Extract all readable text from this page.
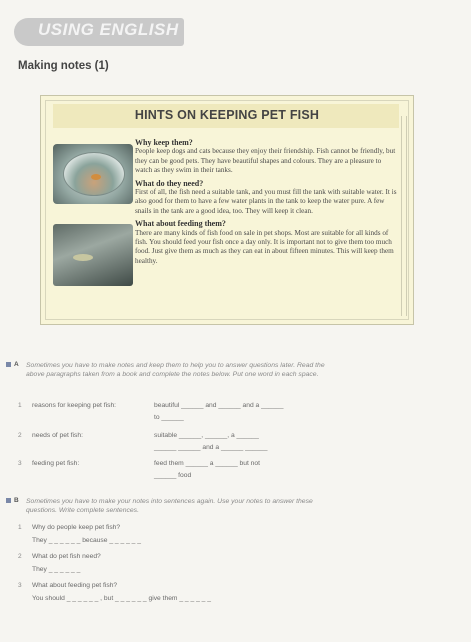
USING ENGLISH
Making notes (1)
HINTS ON KEEPING PET FISH
Why keep them?
People keep dogs and cats because they enjoy their friendship. Fish cannot be friendly, but they can be good pets. They have beautiful shapes and colours. They are a pleasure to watch as they swim in their tanks.
What do they need?
First of all, the fish need a suitable tank, and you must fill the tank with suitable water. It is also good for them to have a few water plants in the tank to keep the water pure. A few snails in the tank are a good idea, too. They will keep it clean.
What about feeding them?
There are many kinds of fish food on sale in pet shops. Most are suitable for all kinds of fish. You should feed your fish once a day only. It is important not to give them too much food. Just give them as much as they can eat in about fifteen minutes. This will keep them healthy.
A Sometimes you have to make notes and keep them to help you to answer questions later. Read the above paragraphs taken from a book and complete the notes below. Put one word in each space.
1 reasons for keeping pet fish:	beautiful ______ and ______ and a ______
to ______
2 needs of pet fish:	suitable ______, ______, a ______
______ ______ and a ______ ______
3 feeding pet fish:	feed them ______ a ______ but not
______ food
B Sometimes you have to make your notes into sentences again. Use your notes to answer these questions. Write complete sentences.
1 Why do people keep pet fish?
They _ _ _ _ _ _ because _ _ _ _ _ _
2 What do pet fish need?
They _ _ _ _ _ _
3 What about feeding pet fish?
You should _ _ _ _ _ _ , but _ _ _ _ _ _ give them _ _ _ _ _ _
